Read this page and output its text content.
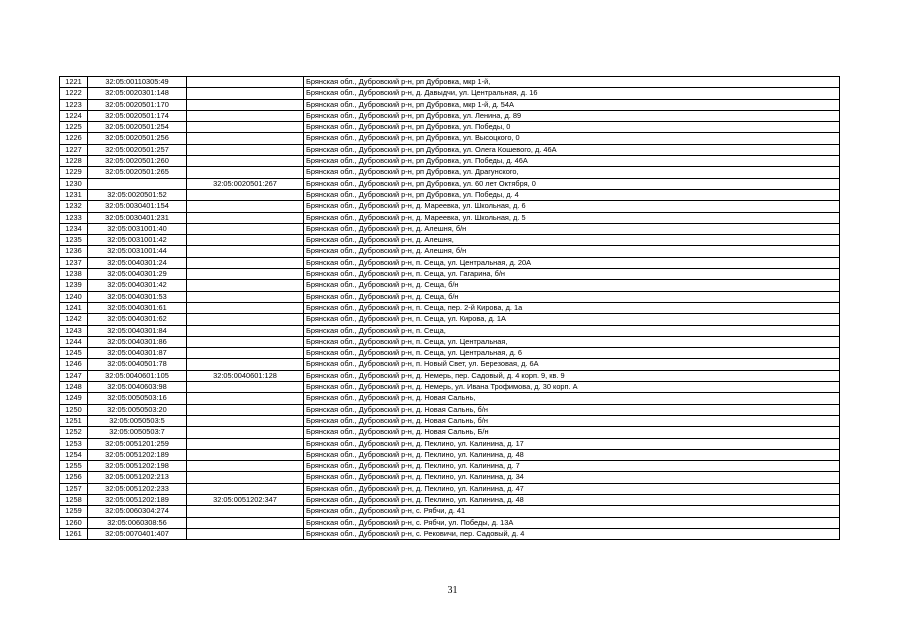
1221	32:05:00110305:49		Брянская обл., Дубровский р-н, рп Дубровка, мкр 1-й,
1222	32:05:0020301:148		Брянская обл., Дубровский р-н, д. Давыдчи, ул. Центральная, д. 16
1223	32:05:0020501:170		Брянская обл., Дубровский р-н, рп Дубровка, мкр 1-й, д. 54А
1224	32:05:0020501:174		Брянская обл., Дубровский р-н, рп Дубровка, ул. Ленина, д. 89
1225	32:05:0020501:254		Брянская обл., Дубровский р-н, рп Дубровка, ул. Победы, 0
1226	32:05:0020501:256		Брянская обл., Дубровский р-н, рп Дубровка, ул. Высоцкого, 0
1227	32:05:0020501:257		Брянская обл., Дубровский р-н, рп Дубровка, ул. Олега Кошевого, д. 46А
1228	32:05:0020501:260		Брянская обл., Дубровский р-н, рп Дубровка, ул. Победы, д. 46А
1229	32:05:0020501:265		Брянская обл., Дубровский р-н, рп Дубровка, ул. Драгунского,
1230		32:05:0020501:267	Брянская обл., Дубровский р-н, рп Дубровка, ул. 60 лет Октября, 0
1231	32:05:0020501:52		Брянская обл., Дубровский р-н, рп Дубровка, ул. Победы, д. 4
1232	32:05:0030401:154		Брянская обл., Дубровский р-н, д. Мареевка, ул. Школьная, д. 6
1233	32:05:0030401:231		Брянская обл., Дубровский р-н, д. Мареевка, ул. Школьная, д. 5
1234	32:05:0031001:40		Брянская обл., Дубровский р-н, д. Алешня, б/н
1235	32:05:0031001:42		Брянская обл., Дубровский р-н, д. Алешня,
1236	32:05:0031001:44		Брянская обл., Дубровский р-н, д. Алешня, б/н
1237	32:05:0040301:24		Брянская обл., Дубровский р-н, п. Сеща, ул. Центральная, д. 20А
1238	32:05:0040301:29		Брянская обл., Дубровский р-н, п. Сеща, ул. Гагарина, б/н
1239	32:05:0040301:42		Брянская обл., Дубровский р-н, д. Сеща, б/н
1240	32:05:0040301:53		Брянская обл., Дубровский р-н, д. Сеща, б/н
1241	32:05:0040301:61		Брянская обл., Дубровский р-н, п. Сеща, пер. 2-й Кирова, д. 1а
1242	32:05:0040301:62		Брянская обл., Дубровский р-н, п. Сеща, ул. Кирова, д. 1А
1243	32:05:0040301:84		Брянская обл., Дубровский р-н, п. Сеща,
1244	32:05:0040301:86		Брянская обл., Дубровский р-н, п. Сеща, ул. Центральная,
1245	32:05:0040301:87		Брянская обл., Дубровский р-н, п. Сеща, ул. Центральная, д. 6
1246	32:05:0040501:78		Брянская обл., Дубровский р-н, п. Новый Свет, ул. Березовая, д. 6А
1247	32:05:0040601:105	32:05:0040601:128	Брянская обл., Дубровский р-н, д. Немерь, пер. Садовый, д. 4 корп. 9, кв. 9
1248	32:05:0040603:98		Брянская обл., Дубровский р-н, д. Немерь, ул. Ивана Трофимова, д. 30 корп. А
1249	32:05:0050503:16		Брянская обл., Дубровский р-н, д. Новая Сальнь,
1250	32:05:0050503:20		Брянская обл., Дубровский р-н, д. Новая Сальнь, б/н
1251	32:05:0050503:5		Брянская обл., Дубровский р-н, д. Новая Сальнь, б/н
1252	32:05:0050503:7		Брянская обл., Дубровский р-н, д. Новая Сальнь, Б/н
1253	32:05:0051201:259		Брянская обл., Дубровский р-н, д. Пеклино, ул. Калинина, д. 17
1254	32:05:0051202:189		Брянская обл., Дубровский р-н, д. Пеклино, ул. Калинина, д. 48
1255	32:05:0051202:198		Брянская обл., Дубровский р-н, д. Пеклино, ул. Калинина, д. 7
1256	32:05:0051202:213		Брянская обл., Дубровский р-н, д. Пеклино, ул. Калинина, д. 34
1257	32:05:0051202:233		Брянская обл., Дубровский р-н, д. Пеклино, ул. Калинина, д. 47
1258	32:05:0051202:189	32:05:0051202:347	Брянская обл., Дубровский р-н, д. Пеклино, ул. Калинина, д. 48
1259	32:05:0060304:274		Брянская обл., Дубровский р-н, с. Рябчи, д. 41
1260	32:05:0060308:56		Брянская обл., Дубровский р-н, с. Рябчи, ул. Победы, д. 13А
1261	32:05:0070401:407		Брянская обл., Дубровский р-н, с. Рековичи, пер. Садовый, д. 4
31
